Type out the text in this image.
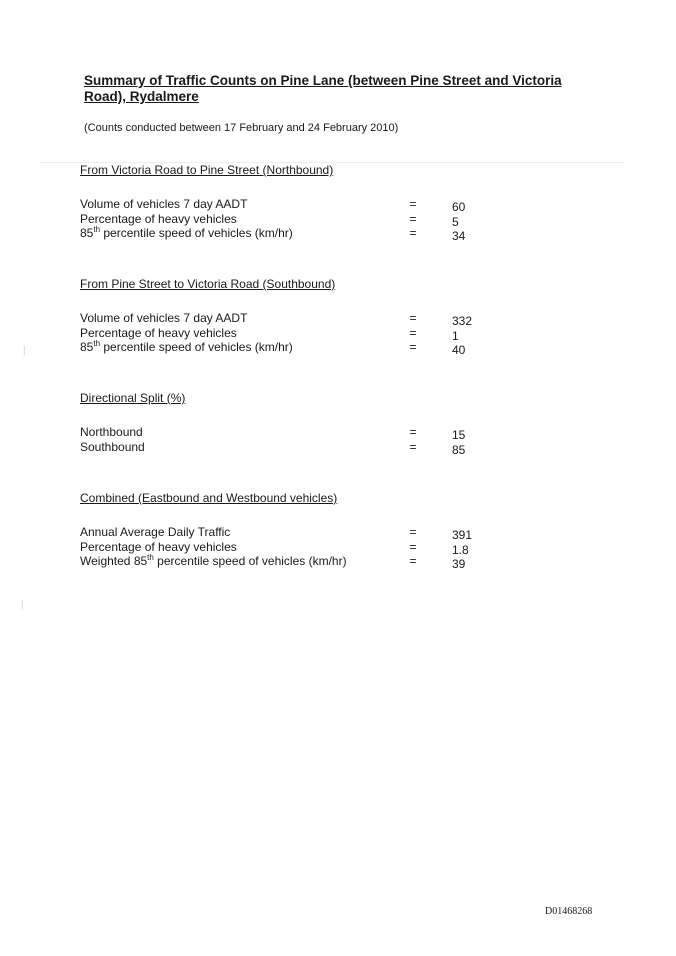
Summary of Traffic Counts on Pine Lane (between Pine Street and Victoria Road), Rydalmere
(Counts conducted between 17 February and 24 February 2010)
From Victoria Road to Pine Street (Northbound)
Volume of vehicles 7 day AADT	=	60
Percentage of heavy vehicles	=	5
85th percentile speed of vehicles (km/hr)	=	34
From Pine Street to Victoria Road (Southbound)
Volume of vehicles 7 day AADT	=	332
Percentage of heavy vehicles	=	1
85th percentile speed of vehicles (km/hr)	=	40
Directional Split (%)
Northbound	=	15
Southbound	=	85
Combined (Eastbound and Westbound vehicles)
Annual Average Daily Traffic	=	391
Percentage of heavy vehicles	=	1.8
Weighted 85th percentile speed of vehicles (km/hr)	=	39
D01468268
│
│
